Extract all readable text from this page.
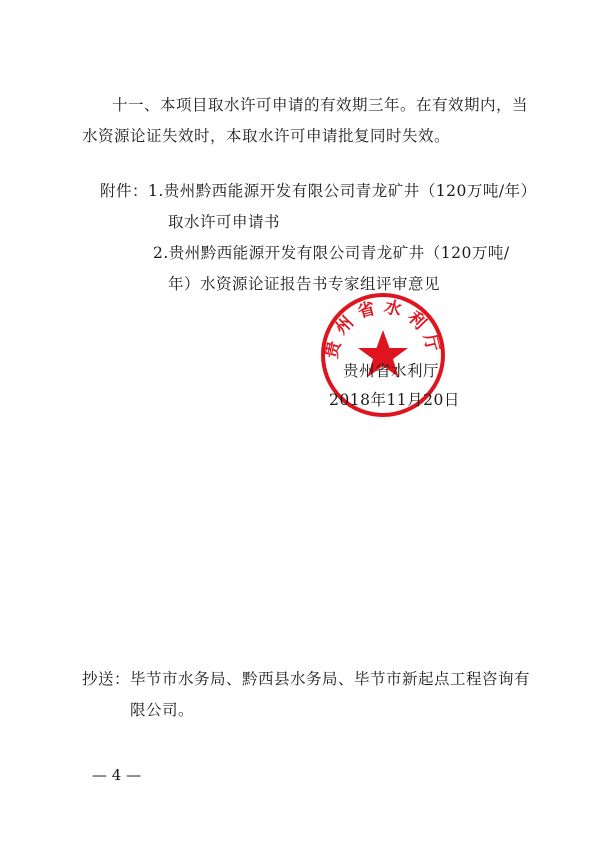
十一、本项目取水许可申请的有效期三年。在有效期内，当
水资源论证失效时，本取水许可申请批复同时失效。
附件：1.贵州黔西能源开发有限公司青龙矿井（120万吨/年）
取水许可申请书
2.贵州黔西能源开发有限公司青龙矿井（120万吨/
年）水资源论证报告书专家组评审意见
贵州省水利厅
贵州省水利厅
2018年11月20日
抄送：毕节市水务局、黔西县水务局、毕节市新起点工程咨询有
限公司。
— 4 —
